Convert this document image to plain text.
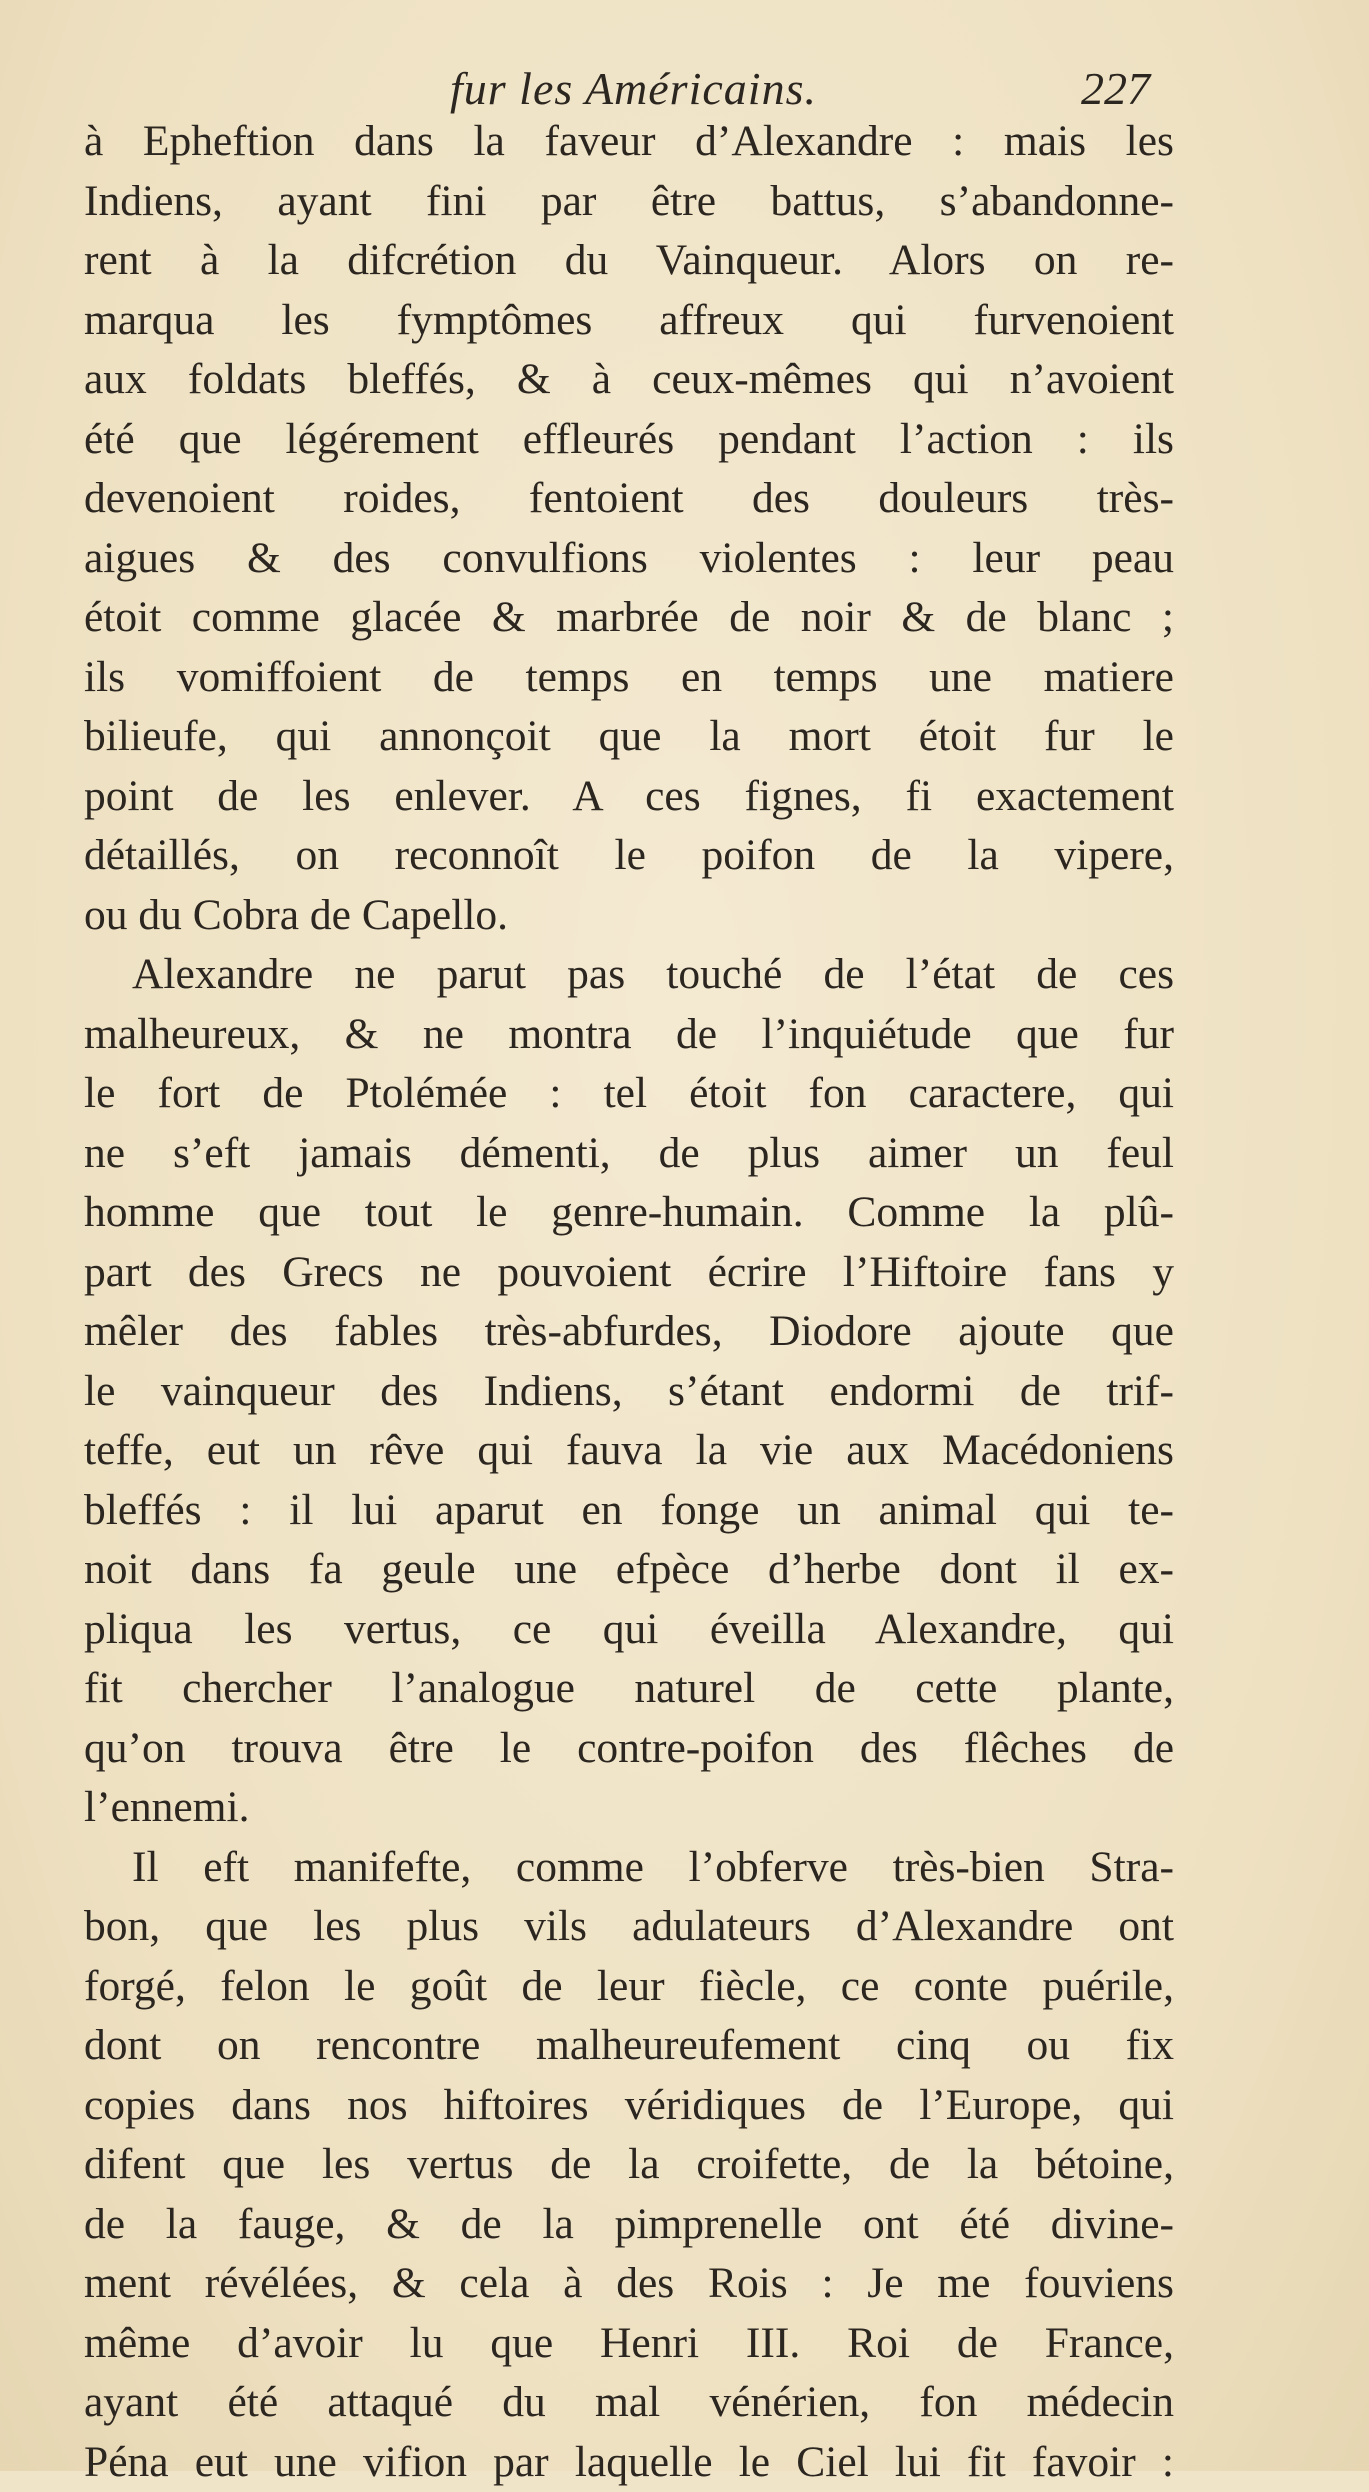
fur les Américains.	227
à Epheftion dans la faveur d’Alexandre : mais les
Indiens, ayant fini par être battus, s’abandonne-
rent à la difcrétion du Vainqueur. Alors on re-
marqua les fymptômes affreux qui furvenoient
aux foldats bleffés, & à ceux-mêmes qui n’avoient
été que légérement effleurés pendant l’action : ils
devenoient roides, fentoient des douleurs très-
aigues & des convulfions violentes : leur peau
étoit comme glacée & marbrée de noir & de blanc ;
ils vomiffoient de temps en temps une matiere
bilieufe, qui annonçoit que la mort étoit fur le
point de les enlever. A ces fignes, fi exactement
détaillés, on reconnoît le poifon de la vipere,
ou du Cobra de Capello.
Alexandre ne parut pas touché de l’état de ces
malheureux, & ne montra de l’inquiétude que fur
le fort de Ptolémée : tel étoit fon caractere, qui
ne s’eft jamais démenti, de plus aimer un feul
homme que tout le genre-humain. Comme la plû-
part des Grecs ne pouvoient écrire l’Hiftoire fans y
mêler des fables très-abfurdes, Diodore ajoute que
le vainqueur des Indiens, s’étant endormi de trif-
teffe, eut un rêve qui fauva la vie aux Macédoniens
bleffés : il lui aparut en fonge un animal qui te-
noit dans fa geule une efpèce d’herbe dont il ex-
pliqua les vertus, ce qui éveilla Alexandre, qui
fit chercher l’analogue naturel de cette plante,
qu’on trouva être le contre-poifon des flêches de
l’ennemi.
Il eft manifefte, comme l’obferve très-bien Stra-
bon, que les plus vils adulateurs d’Alexandre ont
forgé, felon le goût de leur fiècle, ce conte puérile,
dont on rencontre malheureufement cinq ou fix
copies dans nos hiftoires véridiques de l’Europe, qui
difent que les vertus de la croifette, de la bétoine,
de la fauge, & de la pimprenelle ont été divine-
ment révélées, & cela à des Rois : Je me fouviens
même d’avoir lu que Henri III. Roi de France,
ayant été attaqué du mal vénérien, fon médecin
Péna eut une vifion par laquelle le Ciel lui fit favoir :
